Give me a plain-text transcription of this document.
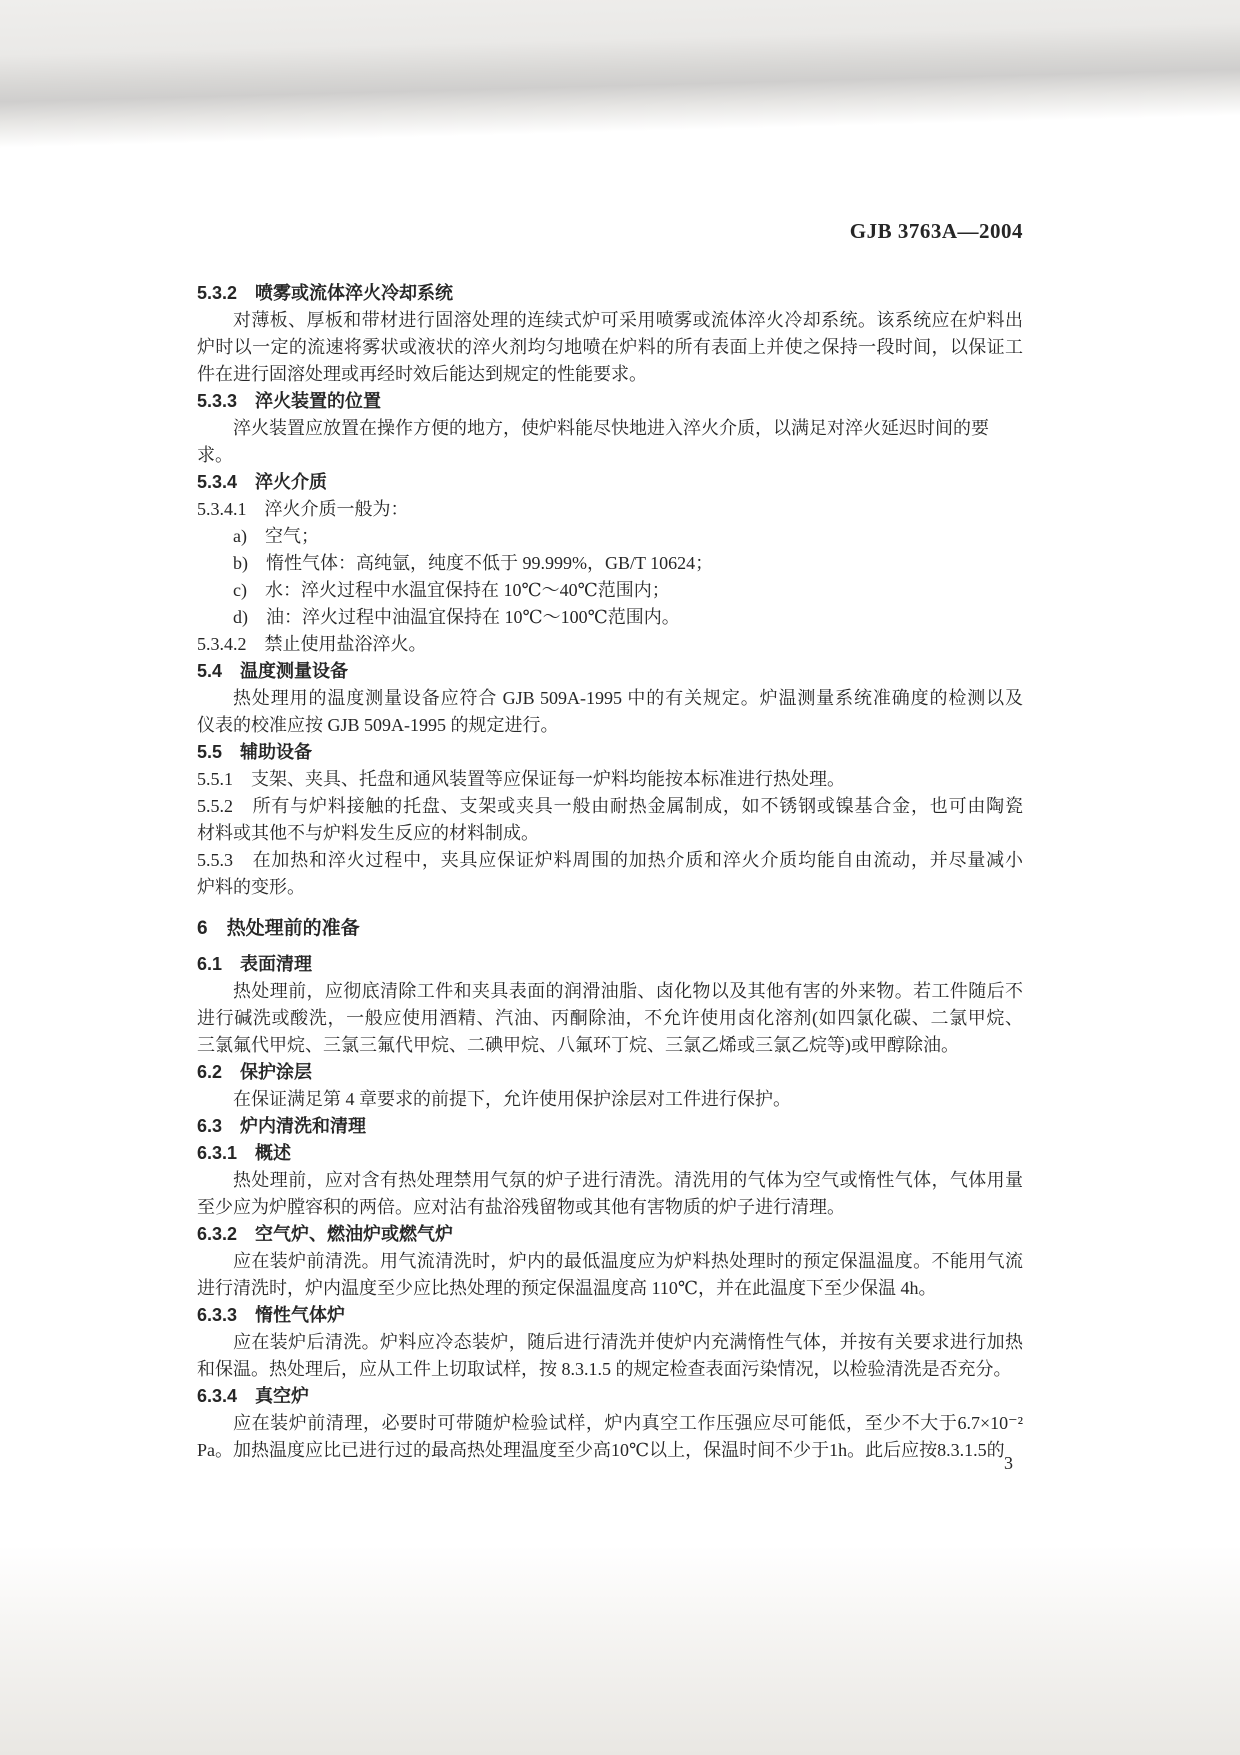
GJB 3763A—2004
5.3.2　喷雾或流体淬火冷却系统
对薄板、厚板和带材进行固溶处理的连续式炉可采用喷雾或流体淬火冷却系统。该系统应在炉料出
炉时以一定的流速将雾状或液状的淬火剂均匀地喷在炉料的所有表面上并使之保持一段时间，以保证工
件在进行固溶处理或再经时效后能达到规定的性能要求。
5.3.3　淬火装置的位置
淬火装置应放置在操作方便的地方，使炉料能尽快地进入淬火介质，以满足对淬火延迟时间的要求。
5.3.4　淬火介质
5.3.4.1　淬火介质一般为：
a)　空气；
b)　惰性气体：高纯氩，纯度不低于 99.999%，GB/T 10624；
c)　水：淬火过程中水温宜保持在 10℃～40℃范围内；
d)　油：淬火过程中油温宜保持在 10℃～100℃范围内。
5.3.4.2　禁止使用盐浴淬火。
5.4　温度测量设备
热处理用的温度测量设备应符合 GJB 509A-1995 中的有关规定。炉温测量系统准确度的检测以及
仪表的校准应按 GJB 509A-1995 的规定进行。
5.5　辅助设备
5.5.1　支架、夹具、托盘和通风装置等应保证每一炉料均能按本标准进行热处理。
5.5.2　所有与炉料接触的托盘、支架或夹具一般由耐热金属制成，如不锈钢或镍基合金，也可由陶瓷
材料或其他不与炉料发生反应的材料制成。
5.5.3　在加热和淬火过程中，夹具应保证炉料周围的加热介质和淬火介质均能自由流动，并尽量减小
炉料的变形。
6　热处理前的准备
6.1　表面清理
热处理前，应彻底清除工件和夹具表面的润滑油脂、卤化物以及其他有害的外来物。若工件随后不
进行碱洗或酸洗，一般应使用酒精、汽油、丙酮除油，不允许使用卤化溶剂(如四氯化碳、二氯甲烷、
三氯氟代甲烷、三氯三氟代甲烷、二碘甲烷、八氟环丁烷、三氯乙烯或三氯乙烷等)或甲醇除油。
6.2　保护涂层
在保证满足第 4 章要求的前提下，允许使用保护涂层对工件进行保护。
6.3　炉内清洗和清理
6.3.1　概述
热处理前，应对含有热处理禁用气氛的炉子进行清洗。清洗用的气体为空气或惰性气体，气体用量
至少应为炉膛容积的两倍。应对沾有盐浴残留物或其他有害物质的炉子进行清理。
6.3.2　空气炉、燃油炉或燃气炉
应在装炉前清洗。用气流清洗时，炉内的最低温度应为炉料热处理时的预定保温温度。不能用气流
进行清洗时，炉内温度至少应比热处理的预定保温温度高 110℃，并在此温度下至少保温 4h。
6.3.3　惰性气体炉
应在装炉后清洗。炉料应冷态装炉，随后进行清洗并使炉内充满惰性气体，并按有关要求进行加热
和保温。热处理后，应从工件上切取试样，按 8.3.1.5 的规定检查表面污染情况，以检验清洗是否充分。
6.3.4　真空炉
应在装炉前清理，必要时可带随炉检验试样，炉内真空工作压强应尽可能低，至少不大于6.7×10⁻²
Pa。加热温度应比已进行过的最高热处理温度至少高10℃以上，保温时间不少于1h。此后应按8.3.1.5的
3
